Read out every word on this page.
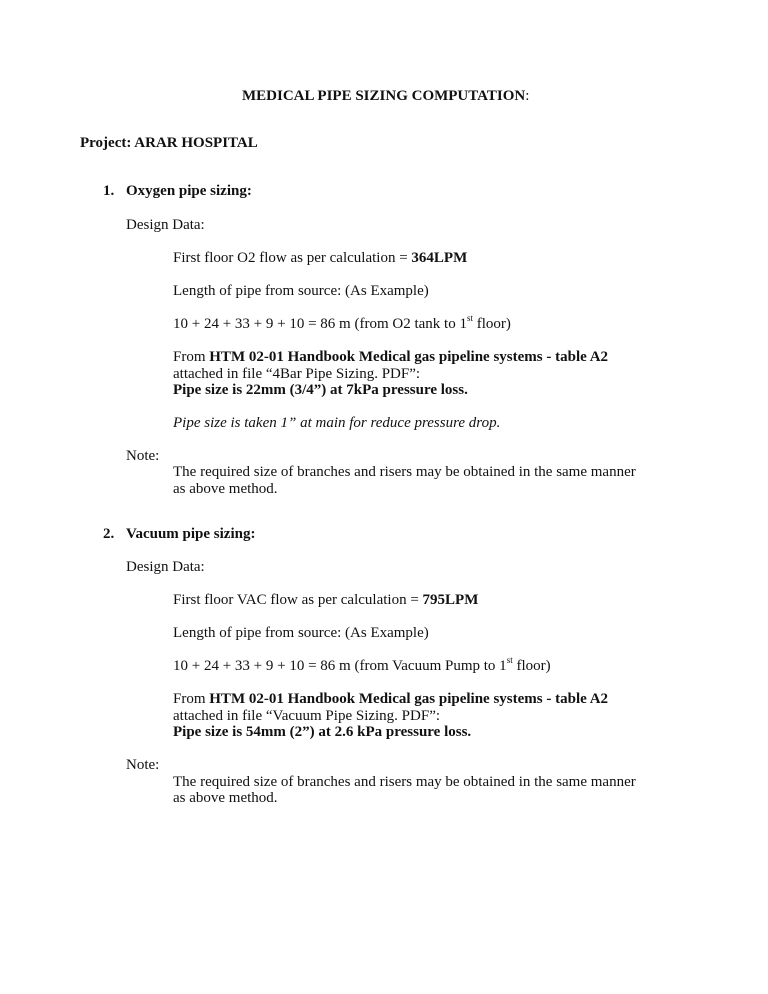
MEDICAL PIPE SIZING COMPUTATION:
Project: ARAR HOSPITAL
1. Oxygen pipe sizing:
Design Data:
First floor O2 flow as per calculation = 364LPM
Length of pipe from source: (As Example)
10 + 24 + 33 + 9 + 10 = 86 m (from O2 tank to 1st floor)
From HTM 02-01 Handbook Medical gas pipeline systems - table A2
attached in file “4Bar Pipe Sizing. PDF”:
Pipe size is 22mm (3/4”) at 7kPa pressure loss.
Pipe size is taken 1” at main for reduce pressure drop.
Note:
The required size of branches and risers may be obtained in the same manner
as above method.
2. Vacuum pipe sizing:
Design Data:
First floor VAC flow as per calculation = 795LPM
Length of pipe from source: (As Example)
10 + 24 + 33 + 9 + 10 = 86 m (from Vacuum Pump to 1st floor)
From HTM 02-01 Handbook Medical gas pipeline systems - table A2
attached in file “Vacuum Pipe Sizing. PDF”:
Pipe size is 54mm (2”) at 2.6 kPa pressure loss.
Note:
The required size of branches and risers may be obtained in the same manner
as above method.
